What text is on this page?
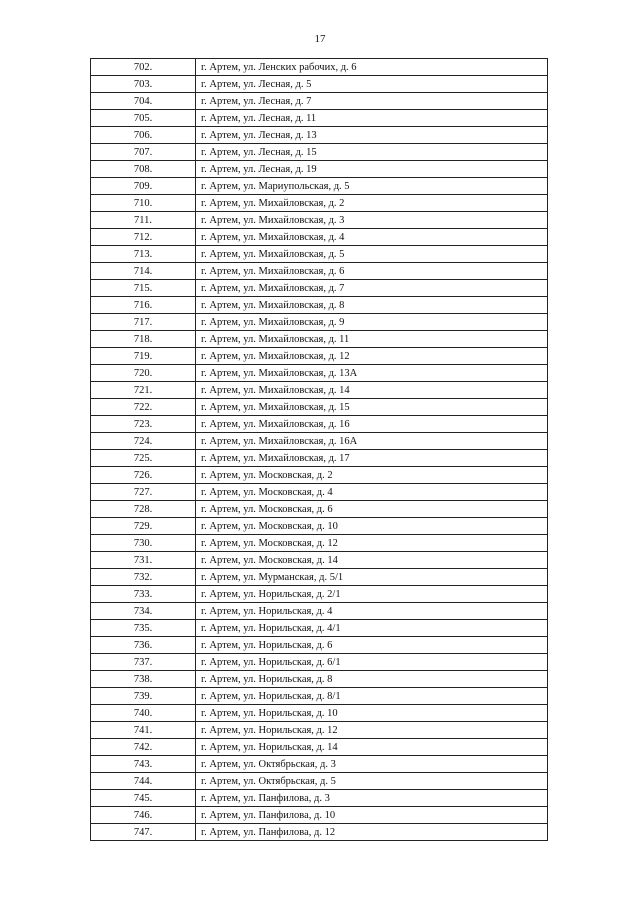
17
702.	г. Артем, ул. Ленских рабочих, д. 6
703.	г. Артем, ул. Лесная, д. 5
704.	г. Артем, ул. Лесная, д. 7
705.	г. Артем, ул. Лесная, д. 11
706.	г. Артем, ул. Лесная, д. 13
707.	г. Артем, ул. Лесная, д. 15
708.	г. Артем, ул. Лесная, д. 19
709.	г. Артем, ул. Мариупольская, д. 5
710.	г. Артем, ул. Михайловская, д. 2
711.	г. Артем, ул. Михайловская, д. 3
712.	г. Артем, ул. Михайловская, д. 4
713.	г. Артем, ул. Михайловская, д. 5
714.	г. Артем, ул. Михайловская, д. 6
715.	г. Артем, ул. Михайловская, д. 7
716.	г. Артем, ул. Михайловская, д. 8
717.	г. Артем, ул. Михайловская, д. 9
718.	г. Артем, ул. Михайловская, д. 11
719.	г. Артем, ул. Михайловская, д. 12
720.	г. Артем, ул. Михайловская, д. 13А
721.	г. Артем, ул. Михайловская, д. 14
722.	г. Артем, ул. Михайловская, д. 15
723.	г. Артем, ул. Михайловская, д. 16
724.	г. Артем, ул. Михайловская, д. 16А
725.	г. Артем, ул. Михайловская, д. 17
726.	г. Артем, ул. Московская, д. 2
727.	г. Артем, ул. Московская, д. 4
728.	г. Артем, ул. Московская, д. 6
729.	г. Артем, ул. Московская, д. 10
730.	г. Артем, ул. Московская, д. 12
731.	г. Артем, ул. Московская, д. 14
732.	г. Артем, ул. Мурманская, д. 5/1
733.	г. Артем, ул. Норильская, д. 2/1
734.	г. Артем, ул. Норильская, д. 4
735.	г. Артем, ул. Норильская, д. 4/1
736.	г. Артем, ул. Норильская, д. 6
737.	г. Артем, ул. Норильская, д. 6/1
738.	г. Артем, ул. Норильская, д. 8
739.	г. Артем, ул. Норильская, д. 8/1
740.	г. Артем, ул. Норильская, д. 10
741.	г. Артем, ул. Норильская, д. 12
742.	г. Артем, ул. Норильская, д. 14
743.	г. Артем, ул. Октябрьская, д. 3
744.	г. Артем, ул. Октябрьская, д. 5
745.	г. Артем, ул. Панфилова, д. 3
746.	г. Артем, ул. Панфилова, д. 10
747.	г. Артем, ул. Панфилова, д. 12
